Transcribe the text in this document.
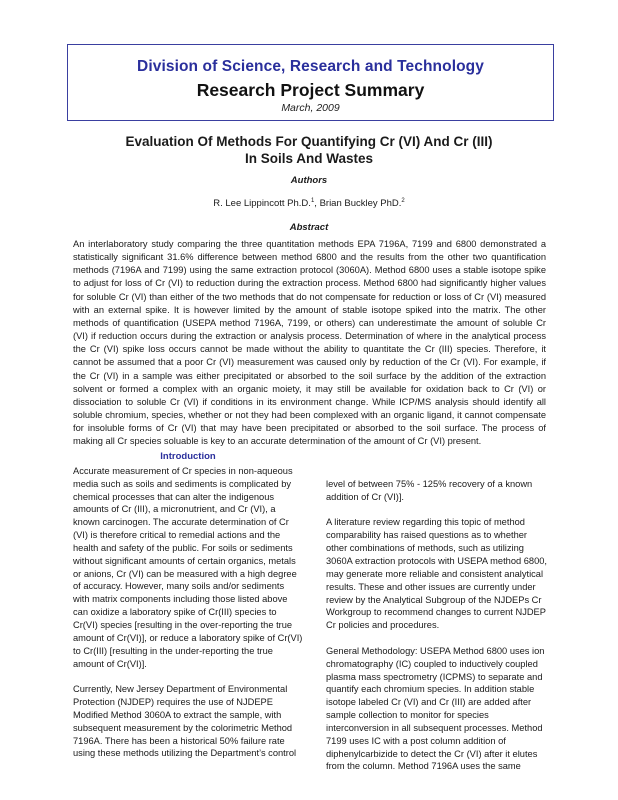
Division of Science, Research and Technology
Research Project Summary
March, 2009
Evaluation Of Methods For Quantifying Cr (VI) And Cr (III)
In Soils And Wastes
Authors
R. Lee Lippincott Ph.D.$^1$, Brian Buckley PhD.$^2$
Abstract

An interlaboratory study comparing the three quantitation methods EPA 7196A, 7199 and 6800 demonstrated a statistically significant 31.6% difference between method 6800 and the results from the other two quantification methods (7196A and 7199) using the same extraction protocol (3060A). Method 6800 uses a stable isotope spike to adjust for loss of Cr (VI) to reduction during the extraction process. Method 6800 had significantly higher values for soluble Cr (VI) than either of the two methods that do not compensate for reduction or loss of Cr (VI) measured with an external spike. It is however limited by the amount of stable isotope spiked into the matrix. The other methods of quantification (USEPA method 7196A, 7199, or others) can underestimate the amount of soluble Cr (VI) if reduction occurs during the extraction or analysis process. Determination of where in the analytical process the Cr (VI) spike loss occurs cannot be made without the ability to quantitate the Cr (III) species. Therefore, it cannot be assumed that a poor Cr (VI) measurement was caused only by reduction of the Cr (VI). For example, if the Cr (VI) in a sample was either precipitated or absorbed to the soil surface by the addition of the extraction solvent or formed a complex with an organic moiety, it may still be available for oxidation back to Cr (VI) or dissociation to soluble Cr (VI) if conditions in its environment change. While ICP/MS analysis should identify all soluble chromium, species, whether or not they had been complexed with an organic ligand, it cannot compensate for insoluble forms of Cr (VI) that may have been precipitated or absorbed to the soil surface. The process of making all Cr species soluable is key to an accurate determination of the amount of Cr (VI) present.

Introduction

Accurate measurement of Cr species in non-aqueous media such as soils and sediments is complicated by chemical processes that can alter the indigenous amounts of Cr (III), a micronutrient, and Cr (VI), a known carcinogen. The accurate determination of Cr (VI) is therefore critical to remedial actions and the health and safety of the public. For soils or sediments without significant amounts of certain organics, metals or anions, Cr (VI) can be measured with a high degree of accuracy. However, many soils and/or sediments with matrix components including those listed above can oxidize a laboratory spike of Cr(III) species to Cr(VI) species [resulting in the over-reporting the true amount of Cr(VI)], or reduce a laboratory spike of Cr(VI) to Cr(III) [resulting in the under-reporting the true amount of Cr(VI)].

Currently, New Jersey Department of Environmental Protection (NJDEP) requires the use of NJDEPE Modified Method 3060A to extract the sample, with subsequent measurement by the colorimetric Method 7196A. There has been a historical 50% failure rate using these methods utilizing the Department’s control

level of between 75% - 125% recovery of a known addition of Cr (VI)].

A literature review regarding this topic of method comparability has raised questions as to whether other combinations of methods, such as utilizing 3060A extraction protocols with USEPA method 6800, may generate more reliable and consistent analytical results. These and other issues are currently under review by the Analytical Subgroup of the NJDEPs Cr Workgroup to recommend changes to current NJDEP Cr policies and procedures.

General Methodology: USEPA Method 6800 uses ion chromatography (IC) coupled to inductively coupled plasma mass spectrometry (ICPMS) to separate and quantify each chromium species. In addition stable isotope labeled Cr (VI) and Cr (III) are added after sample collection to monitor for species interconversion in all subsequent processes. Method 7199 uses IC with a post column addition of diphenylcarbizide to detect the Cr (VI) after it elutes from the column. Method 7196A uses the same
